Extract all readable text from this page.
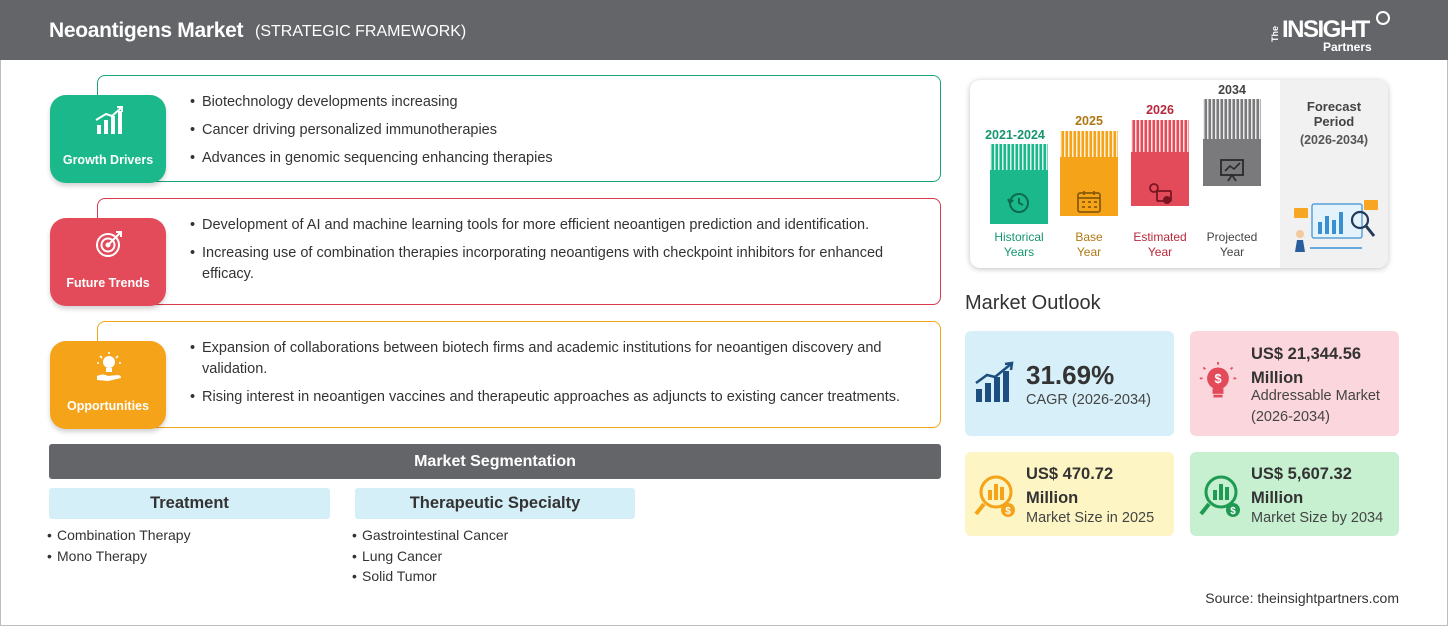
Neoantigens Market (STRATEGIC FRAMEWORK)	The INSIGHT
Partners
• Biotechnology developments increasing
• Cancer driving personalized immunotherapies
• Advances in genomic sequencing enhancing therapies
Growth Drivers
• Development of AI and machine learning tools for more efficient neoantigen prediction and identification.
• Increasing use of combination therapies incorporating neoantigens with checkpoint inhibitors for enhanced efficacy.
Future Trends
• Expansion of collaborations between biotech firms and academic institutions for neoantigen discovery and validation.
• Rising interest in neoantigen vaccines and therapeutic approaches as adjuncts to existing cancer treatments.
Opportunities
Market Segmentation
Treatment	Therapeutic Specialty
• Combination Therapy
• Mono Therapy
• Gastrointestinal Cancer
• Lung Cancer
• Solid Tumor
Forecast
Period
(2026-2034)
2021-2024
Historical
Years
2025
Base
Year
2026
Estimated
Year
2034
Projected
Year
Market Outlook
31.69%
CAGR (2026-2034)
$
US$ 21,344.56
Million
Addressable Market
(2026-2034)
$
US$ 470.72
Million
Market Size in 2025	$
US$ 5,607.32
Million
Market Size by 2034
Source: theinsightpartners.com
